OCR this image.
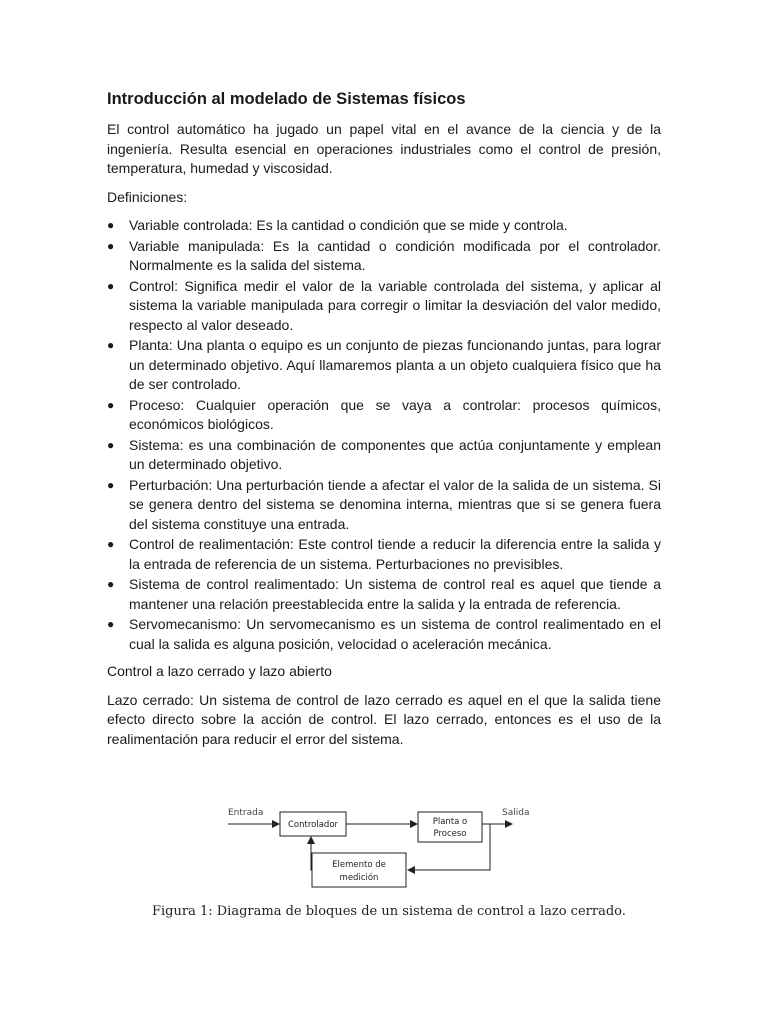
Introducción al modelado de Sistemas físicos

El control automático ha jugado un papel vital en el avance de la ciencia y de la ingeniería. Resulta esencial en operaciones industriales como el control de presión, temperatura, humedad y viscosidad.

Definiciones:

● Variable controlada: Es la cantidad o condición que se mide y controla.
● Variable manipulada: Es la cantidad o condición modificada por el controlador. Normalmente es la salida del sistema.
● Control: Significa medir el valor de la variable controlada del sistema, y aplicar al sistema la variable manipulada para corregir o limitar la desviación del valor medido, respecto al valor deseado.
● Planta: Una planta o equipo es un conjunto de piezas funcionando juntas, para lograr un determinado objetivo. Aquí llamaremos planta a un objeto cualquiera físico que ha de ser controlado.
● Proceso: Cualquier operación que se vaya a controlar: procesos químicos, económicos biológicos.
● Sistema: es una combinación de componentes que actúa conjuntamente y emplean un determinado objetivo.
● Perturbación: Una perturbación tiende a afectar el valor de la salida de un sistema. Si se genera dentro del sistema se denomina interna, mientras que si se genera fuera del sistema constituye una entrada.
● Control de realimentación: Este control tiende a reducir la diferencia entre la salida y la entrada de referencia de un sistema. Perturbaciones no previsibles.
● Sistema de control realimentado: Un sistema de control real es aquel que tiende a mantener una relación preestablecida entre la salida y la entrada de referencia.
● Servomecanismo: Un servomecanismo es un sistema de control realimentado en el cual la salida es alguna posición, velocidad o aceleración mecánica.

Control a lazo cerrado y lazo abierto

Lazo cerrado: Un sistema de control de lazo cerrado es aquel en el que la salida tiene efecto directo sobre la acción de control. El lazo cerrado, entonces es el uso de la realimentación para reducir el error del sistema.

Entrada	Salida
Controlador	Planta o
Proceso
Elemento de
medición
Figura 1: Diagrama de bloques de un sistema de control a lazo cerrado.
